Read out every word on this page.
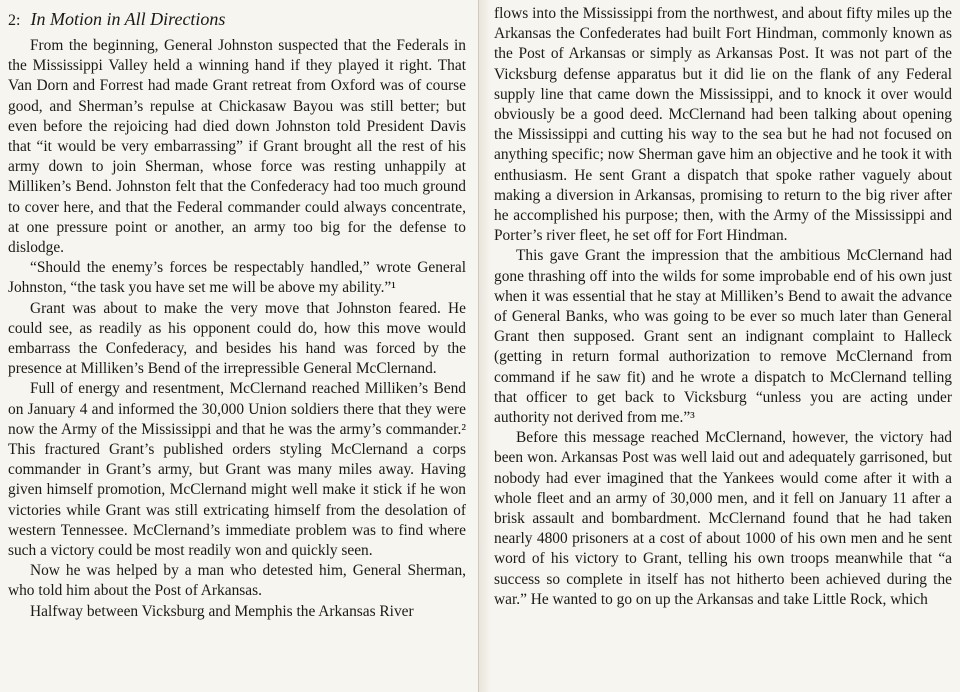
2: In Motion in All Directions

From the beginning, General Johnston suspected that the Federals in the Mississippi Valley held a winning hand if they played it right. That Van Dorn and Forrest had made Grant retreat from Oxford was of course good, and Sherman’s repulse at Chickasaw Bayou was still better; but even before the rejoicing had died down Johnston told President Davis that “it would be very embarrassing” if Grant brought all the rest of his army down to join Sherman, whose force was resting unhappily at Milliken’s Bend. Johnston felt that the Confederacy had too much ground to cover here, and that the Federal commander could always concentrate, at one pressure point or another, an army too big for the defense to dislodge.

“Should the enemy’s forces be respectably handled,” wrote General Johnston, “the task you have set me will be above my ability.”¹

Grant was about to make the very move that Johnston feared. He could see, as readily as his opponent could do, how this move would embarrass the Confederacy, and besides his hand was forced by the presence at Milliken’s Bend of the irrepressible General McClernand.

Full of energy and resentment, McClernand reached Milliken’s Bend on January 4 and informed the 30,000 Union soldiers there that they were now the Army of the Mississippi and that he was the army’s commander.² This fractured Grant’s published orders styling McClernand a corps commander in Grant’s army, but Grant was many miles away. Having given himself promotion, McClernand might well make it stick if he won victories while Grant was still extricating himself from the desolation of western Tennessee. McClernand’s immediate problem was to find where such a victory could be most readily won and quickly seen.

Now he was helped by a man who detested him, General Sherman, who told him about the Post of Arkansas.

Halfway between Vicksburg and Memphis the Arkansas River

flows into the Mississippi from the northwest, and about fifty miles up the Arkansas the Confederates had built Fort Hindman, commonly known as the Post of Arkansas or simply as Arkansas Post. It was not part of the Vicksburg defense apparatus but it did lie on the flank of any Federal supply line that came down the Mississippi, and to knock it over would obviously be a good deed. McClernand had been talking about opening the Mississippi and cutting his way to the sea but he had not focused on anything specific; now Sherman gave him an objective and he took it with enthusiasm. He sent Grant a dispatch that spoke rather vaguely about making a diversion in Arkansas, promising to return to the big river after he accomplished his purpose; then, with the Army of the Mississippi and Porter’s river fleet, he set off for Fort Hindman.

This gave Grant the impression that the ambitious McClernand had gone thrashing off into the wilds for some improbable end of his own just when it was essential that he stay at Milliken’s Bend to await the advance of General Banks, who was going to be ever so much later than General Grant then supposed. Grant sent an indignant complaint to Halleck (getting in return formal authorization to remove McClernand from command if he saw fit) and he wrote a dispatch to McClernand telling that officer to get back to Vicksburg “unless you are acting under authority not derived from me.”³

Before this message reached McClernand, however, the victory had been won. Arkansas Post was well laid out and adequately garrisoned, but nobody had ever imagined that the Yankees would come after it with a whole fleet and an army of 30,000 men, and it fell on January 11 after a brisk assault and bombardment. McClernand found that he had taken nearly 4800 prisoners at a cost of about 1000 of his own men and he sent word of his victory to Grant, telling his own troops meanwhile that “a success so complete in itself has not hitherto been achieved during the war.” He wanted to go on up the Arkansas and take Little Rock, which
